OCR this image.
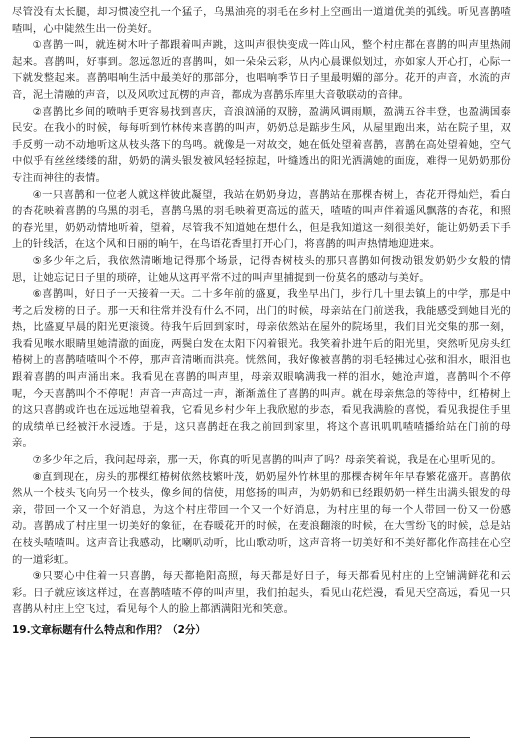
尽管没有太长腿，却习惯凌空扎一个猛子，乌黑油亮的羽毛在乡村上空画出一道道优美的弧线。听见喜鹊喳喳叫，心中陡然生出一份美好。

①喜鹊一叫，就连树木叶子都跟着叫声跳，这叫声很快变成一阵山风，整个村庄都在喜鹊的叫声里热闹起来。喜鹊叫，好事到。忽远忽近的喜鹊叫，如一朵朵云彩，从内心晨课似划过，亦如家人开心打，心际一下就发整起来。喜鹊唱响生活中最美好的那部分，也唱响季节日子里最明媚的部分。花开的声音，水流的声音，泥土清融的声音，以及风吹过瓦楞的声音，都成为喜鹊乐库里大音敬联动的音律。

②喜鹊比乡间的喷呐手更容易找到喜庆，音浪汹涌的双膀，盈满风调雨顺，盈满五谷丰登，也盈满国泰民安。在我小的时候，每每听到竹林传来喜鹊的叫声，奶奶总是踮步生风，从屋里跑出来，站在院子里，双手反剪一动不动地听这从枝头落下的鸟鸣。就像是一对故交，她在低处望着喜鹊，喜鹊在高处望着她，空气中似乎有丝丝缕缕的甜，奶奶的满头银发被风轻轻掠起，叶缝透出的阳光洒满她的面庞，难得一见奶奶那份专注而神往的表情。

④一只喜鹊和一位老人就这样彼此凝望，我站在奶奶身边，喜鹊站在那棵杏树上，杏花开得灿烂，看白的杏花映着喜鹊的乌黑的羽毛，喜鹊乌黑的羽毛映着更高远的蓝天，喳喳的叫声伴着遥风飘落的杏花，和照的春光里，奶奶动情地听着，望着，尽管我不知道她在想什么，但是我知道这一刻很美好，能让奶奶丢下手上的针线活，在这个风和日丽的晌午，在鸟语花香里打开心门，将喜鹊的叫声热情地迎进来。

⑤多少年之后，我依然清晰地记得那个场景，记得杏树枝头的那只喜鹊如何拨动银发奶奶少女般的情思，让她忘记日子里的琐碎，让她从这再平常不过的叫声里捕捉到一份莫名的感动与美好。

⑥喜鹊叫，好日子一天接着一天。二十多年前的盛夏，我坐早出门，步行几十里去镇上的中学，那是中考之后发榜的日子。那一天和往常并没有什么不同，出门的时候，母亲站在门前送我，我能感受到她目光的热，比盛夏早晨的阳光更滚烫。待我午后回到家时，母亲依然站在屋外的院场里，我们目光交集的那一刻，我看见喉水眼睛里她清澈的面庞，两鬓白发在太阳下闪着银光。我笑着扑进午后的阳光里，突然听见房头红椿树上的喜鹊喳喳叫个不停，那声音清晰而洪亮。恍然间，我好像被喜鹊的羽毛轻拂过心弦和泪水，眼泪也跟着喜鹊的叫声涌出来。我看见在喜鹊的叫声里，母亲双眼噙满我一样的泪水，她沧声道，喜鹊叫个不停呢，今天喜鹊叫个不停呢！声音一声高过一声，渐渐盖住了喜鹊的叫声。就在母亲焦急的等待中，红椿树上的这只喜鹊或许也在远远地望着我，它看见乡村少年上我欣慰的步态，看见我满脸的喜悦，看见我提住手里的成绩单已经被汗水浸透。于是，这只喜鹊赶在我之前回到家里，将这个喜讯叽叽喳喳播给站在门前的母亲。

⑦多少年之后，我问起母亲，那一天，你真的听见喜鹊的叫声了吗？母亲笑着说，我是在心里听见的。

⑧直到现在，房头的那棵红椿树依然枝繁叶茂，奶奶屋外竹林里的那棵杏树年年早春繁花盛开。喜鹊依然从一个枝头飞向另一个枝头，像乡间的信使，用悠扬的叫声，为奶奶和已经跟奶奶一样生出满头银发的母亲，带回一个又一个好消息，为这个村庄带回一个又一个好消息，为村庄里的每一个人带回一份又一份感动。喜鹊成了村庄里一切美好的象征，在春暖花开的时候，在麦浪翻滚的时候，在大雪纷飞的时候，总是站在枝头喳喳叫。这声音让我感动，比喇叭动听，比山歌动听，这声音将一切美好和不美好都化作高挂在心空的一道彩虹。

⑨只要心中住着一只喜鹊，每天都艳阳高照，每天都是好日子，每天都看见村庄的上空铺满鲜花和云彩。日子就应该这样过，在喜鹊喳喳不停的叫声里，我们拍起头，看见山花烂漫，看见天空高远，看见一只喜鹊从村庄上空飞过，看见每个人的脸上都洒满阳光和笑意。

19.文章标题有什么特点和作用？（2分）
